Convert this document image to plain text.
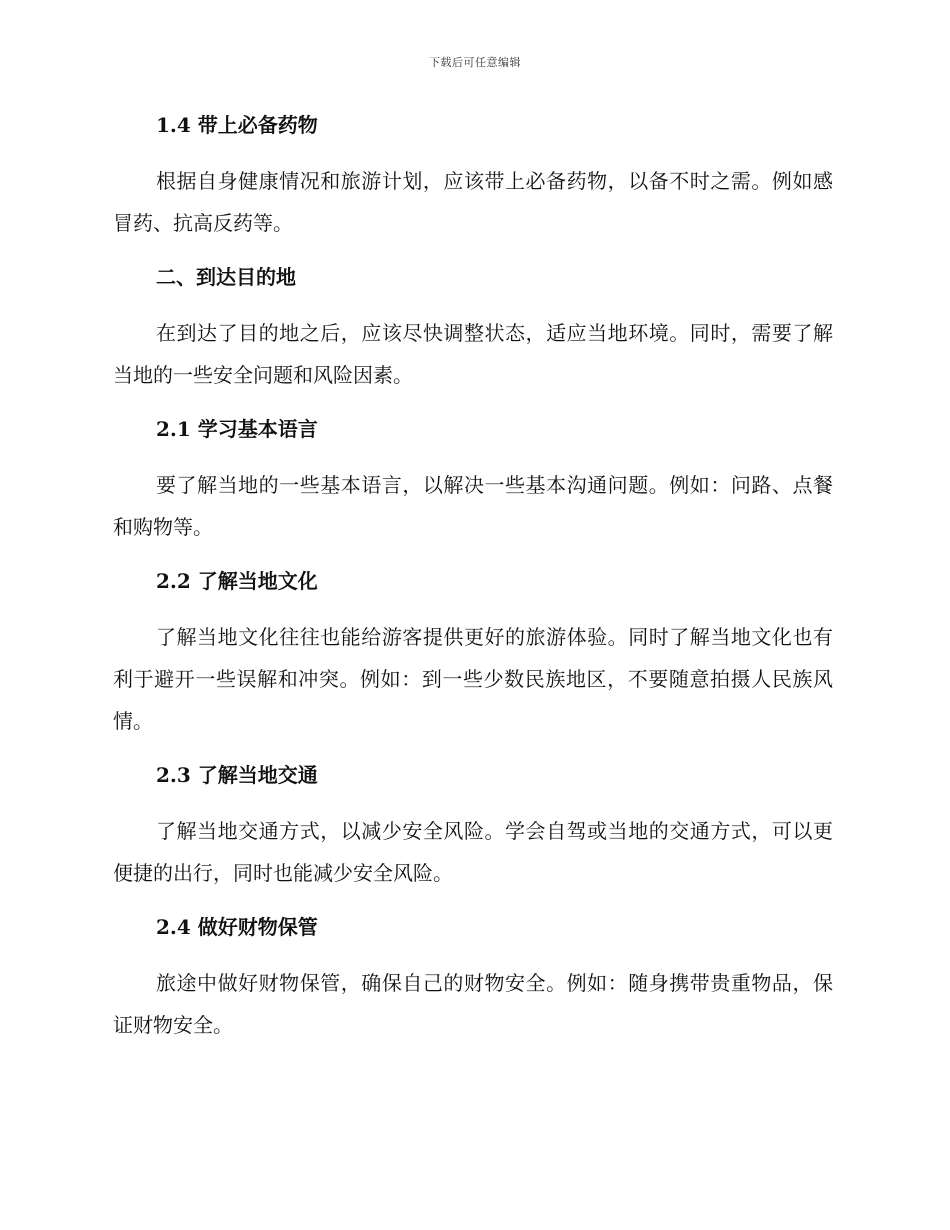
下载后可任意编辑
1.4 带上必备药物

根据自身健康情况和旅游计划，应该带上必备药物，以备不时之需。例如感冒药、抗高反药等。

二、到达目的地

在到达了目的地之后，应该尽快调整状态，适应当地环境。同时，需要了解当地的一些安全问题和风险因素。

2.1 学习基本语言

要了解当地的一些基本语言，以解决一些基本沟通问题。例如：问路、点餐和购物等。

2.2 了解当地文化

了解当地文化往往也能给游客提供更好的旅游体验。同时了解当地文化也有利于避开一些误解和冲突。例如：到一些少数民族地区，不要随意拍摄人民族风情。

2.3 了解当地交通

了解当地交通方式，以减少安全风险。学会自驾或当地的交通方式，可以更便捷的出行，同时也能减少安全风险。

2.4 做好财物保管

旅途中做好财物保管，确保自己的财物安全。例如：随身携带贵重物品，保证财物安全。
